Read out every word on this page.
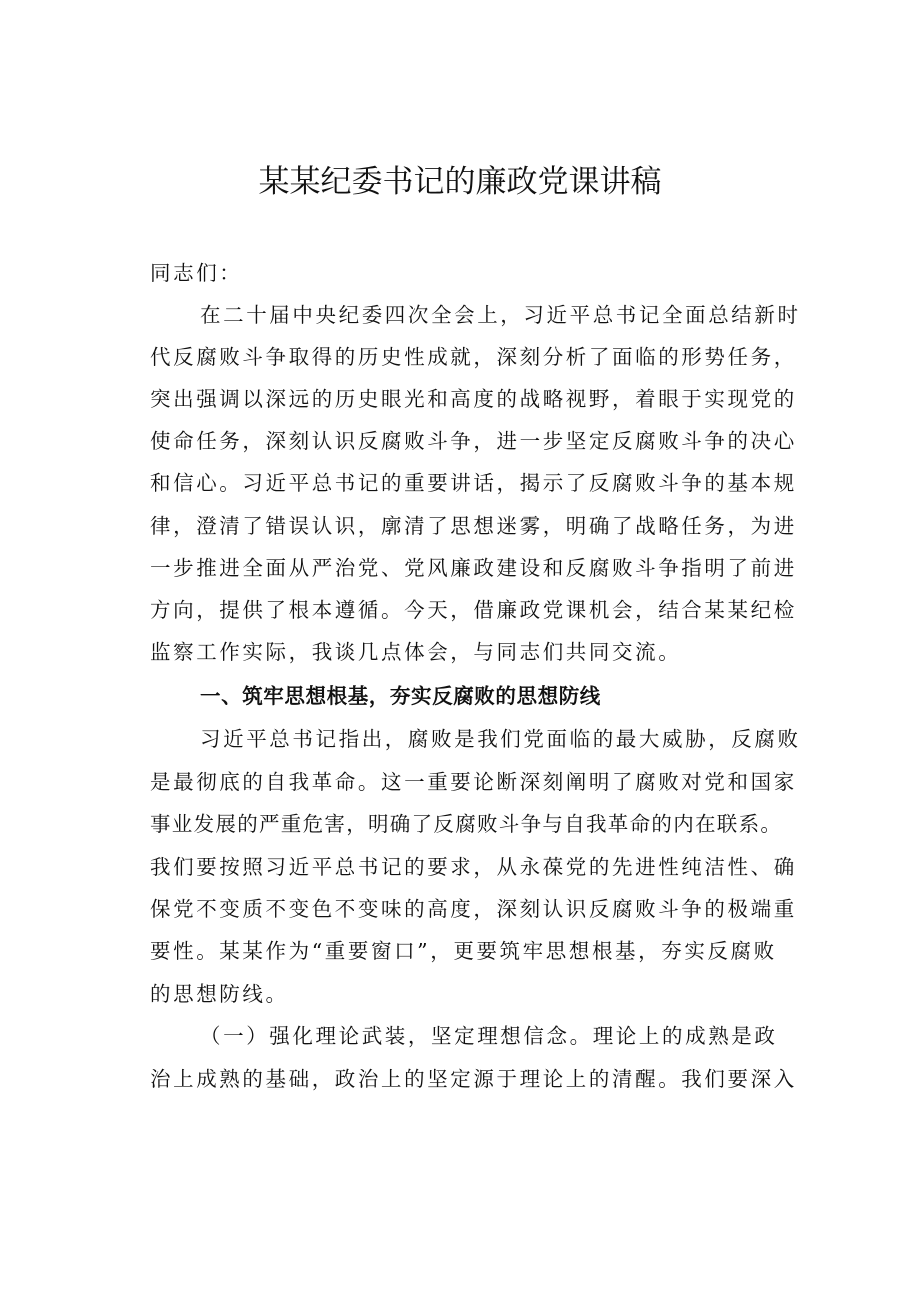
某某纪委书记的廉政党课讲稿
同志们：
在二十届中央纪委四次全会上，习近平总书记全面总结新时
代反腐败斗争取得的历史性成就，深刻分析了面临的形势任务，
突出强调以深远的历史眼光和高度的战略视野，着眼于实现党的
使命任务，深刻认识反腐败斗争，进一步坚定反腐败斗争的决心
和信心。习近平总书记的重要讲话，揭示了反腐败斗争的基本规
律，澄清了错误认识，廓清了思想迷雾，明确了战略任务，为进
一步推进全面从严治党、党风廉政建设和反腐败斗争指明了前进
方向，提供了根本遵循。今天，借廉政党课机会，结合某某纪检
监察工作实际，我谈几点体会，与同志们共同交流。
一、筑牢思想根基，夯实反腐败的思想防线
习近平总书记指出，腐败是我们党面临的最大威胁，反腐败
是最彻底的自我革命。这一重要论断深刻阐明了腐败对党和国家
事业发展的严重危害，明确了反腐败斗争与自我革命的内在联系。
我们要按照习近平总书记的要求，从永葆党的先进性纯洁性、确
保党不变质不变色不变味的高度，深刻认识反腐败斗争的极端重
要性。某某作为“重要窗口”，更要筑牢思想根基，夯实反腐败
的思想防线。
（一）强化理论武装，坚定理想信念。理论上的成熟是政
治上成熟的基础，政治上的坚定源于理论上的清醒。我们要深入
